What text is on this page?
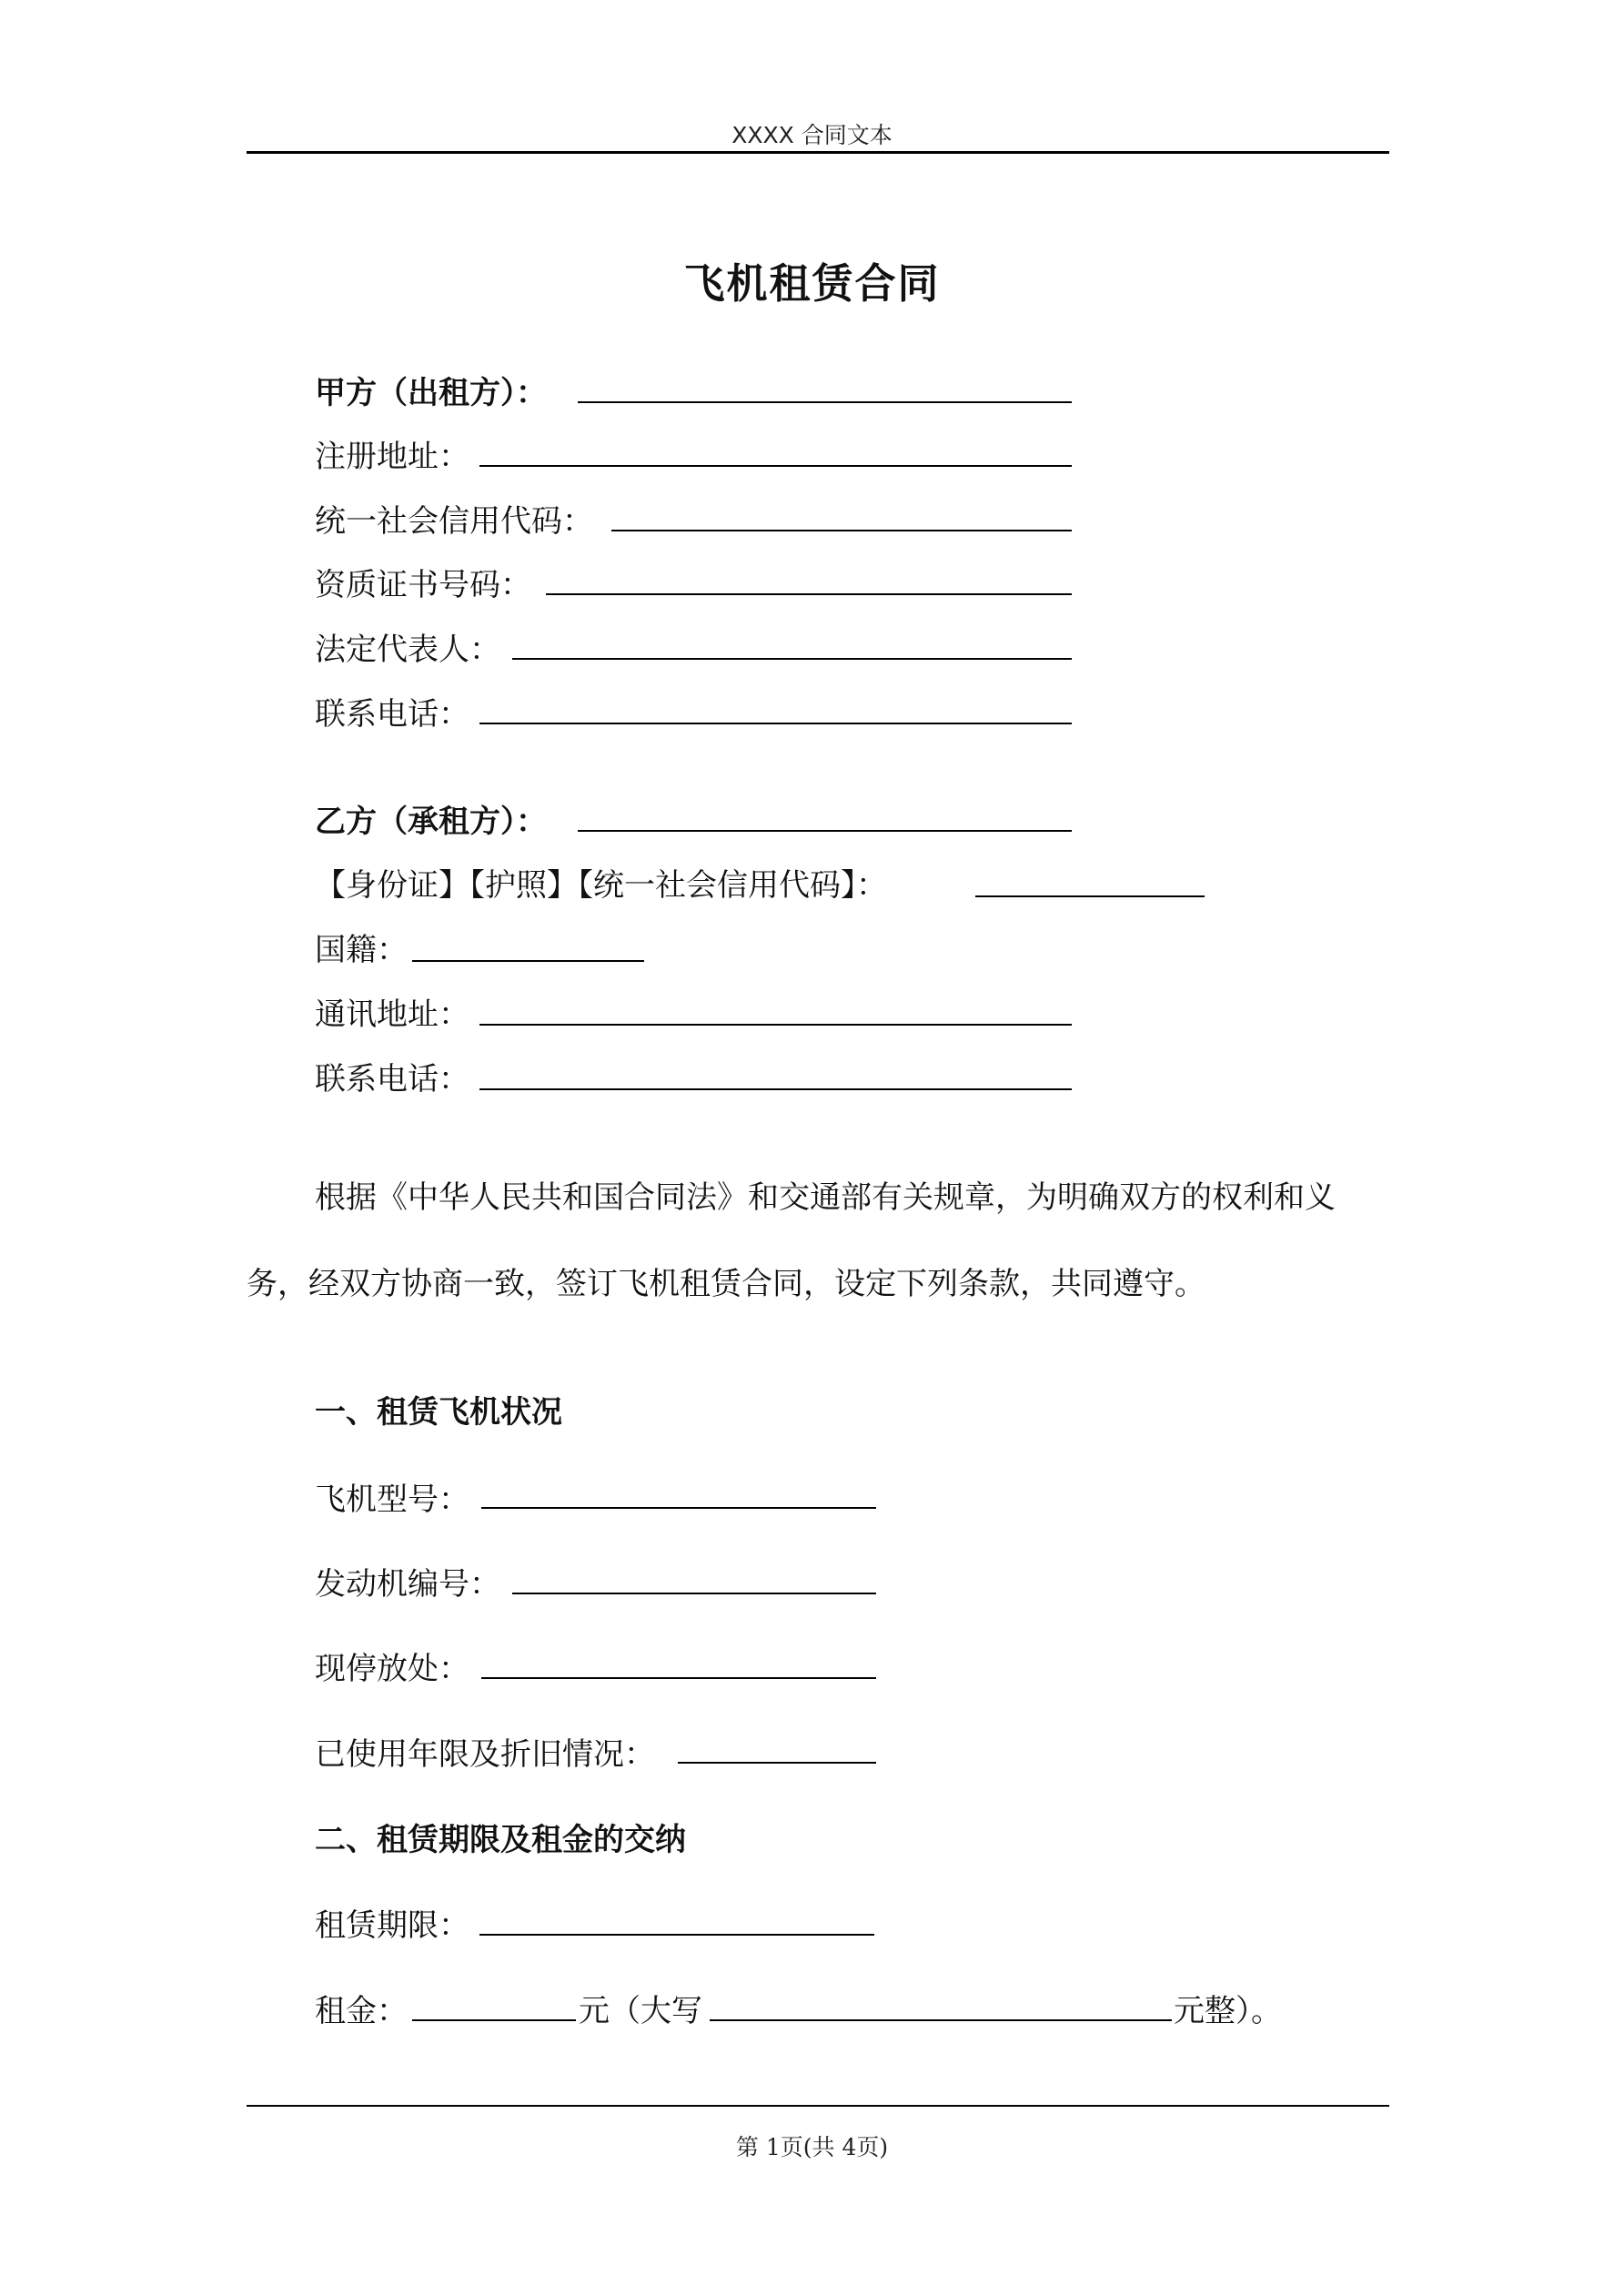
XXXX 合同文本
飞机租赁合同
甲方（出租方）：
注册地址：
统一社会信用代码：
资质证书号码：
法定代表人：
联系电话：
乙方（承租方）：
【身份证】【护照】【统一社会信用代码】：
国籍：
通讯地址：
联系电话：
根据《中华人民共和国合同法》和交通部有关规章，为明确双方的权利和义
务，经双方协商一致，签订飞机租赁合同，设定下列条款，共同遵守。
一、租赁飞机状况
飞机型号：
发动机编号：
现停放处：
已使用年限及折旧情况：
二、租赁期限及租金的交纳
租赁期限：
租金：	元（大写	元整）。
第 1页(共 4页)
